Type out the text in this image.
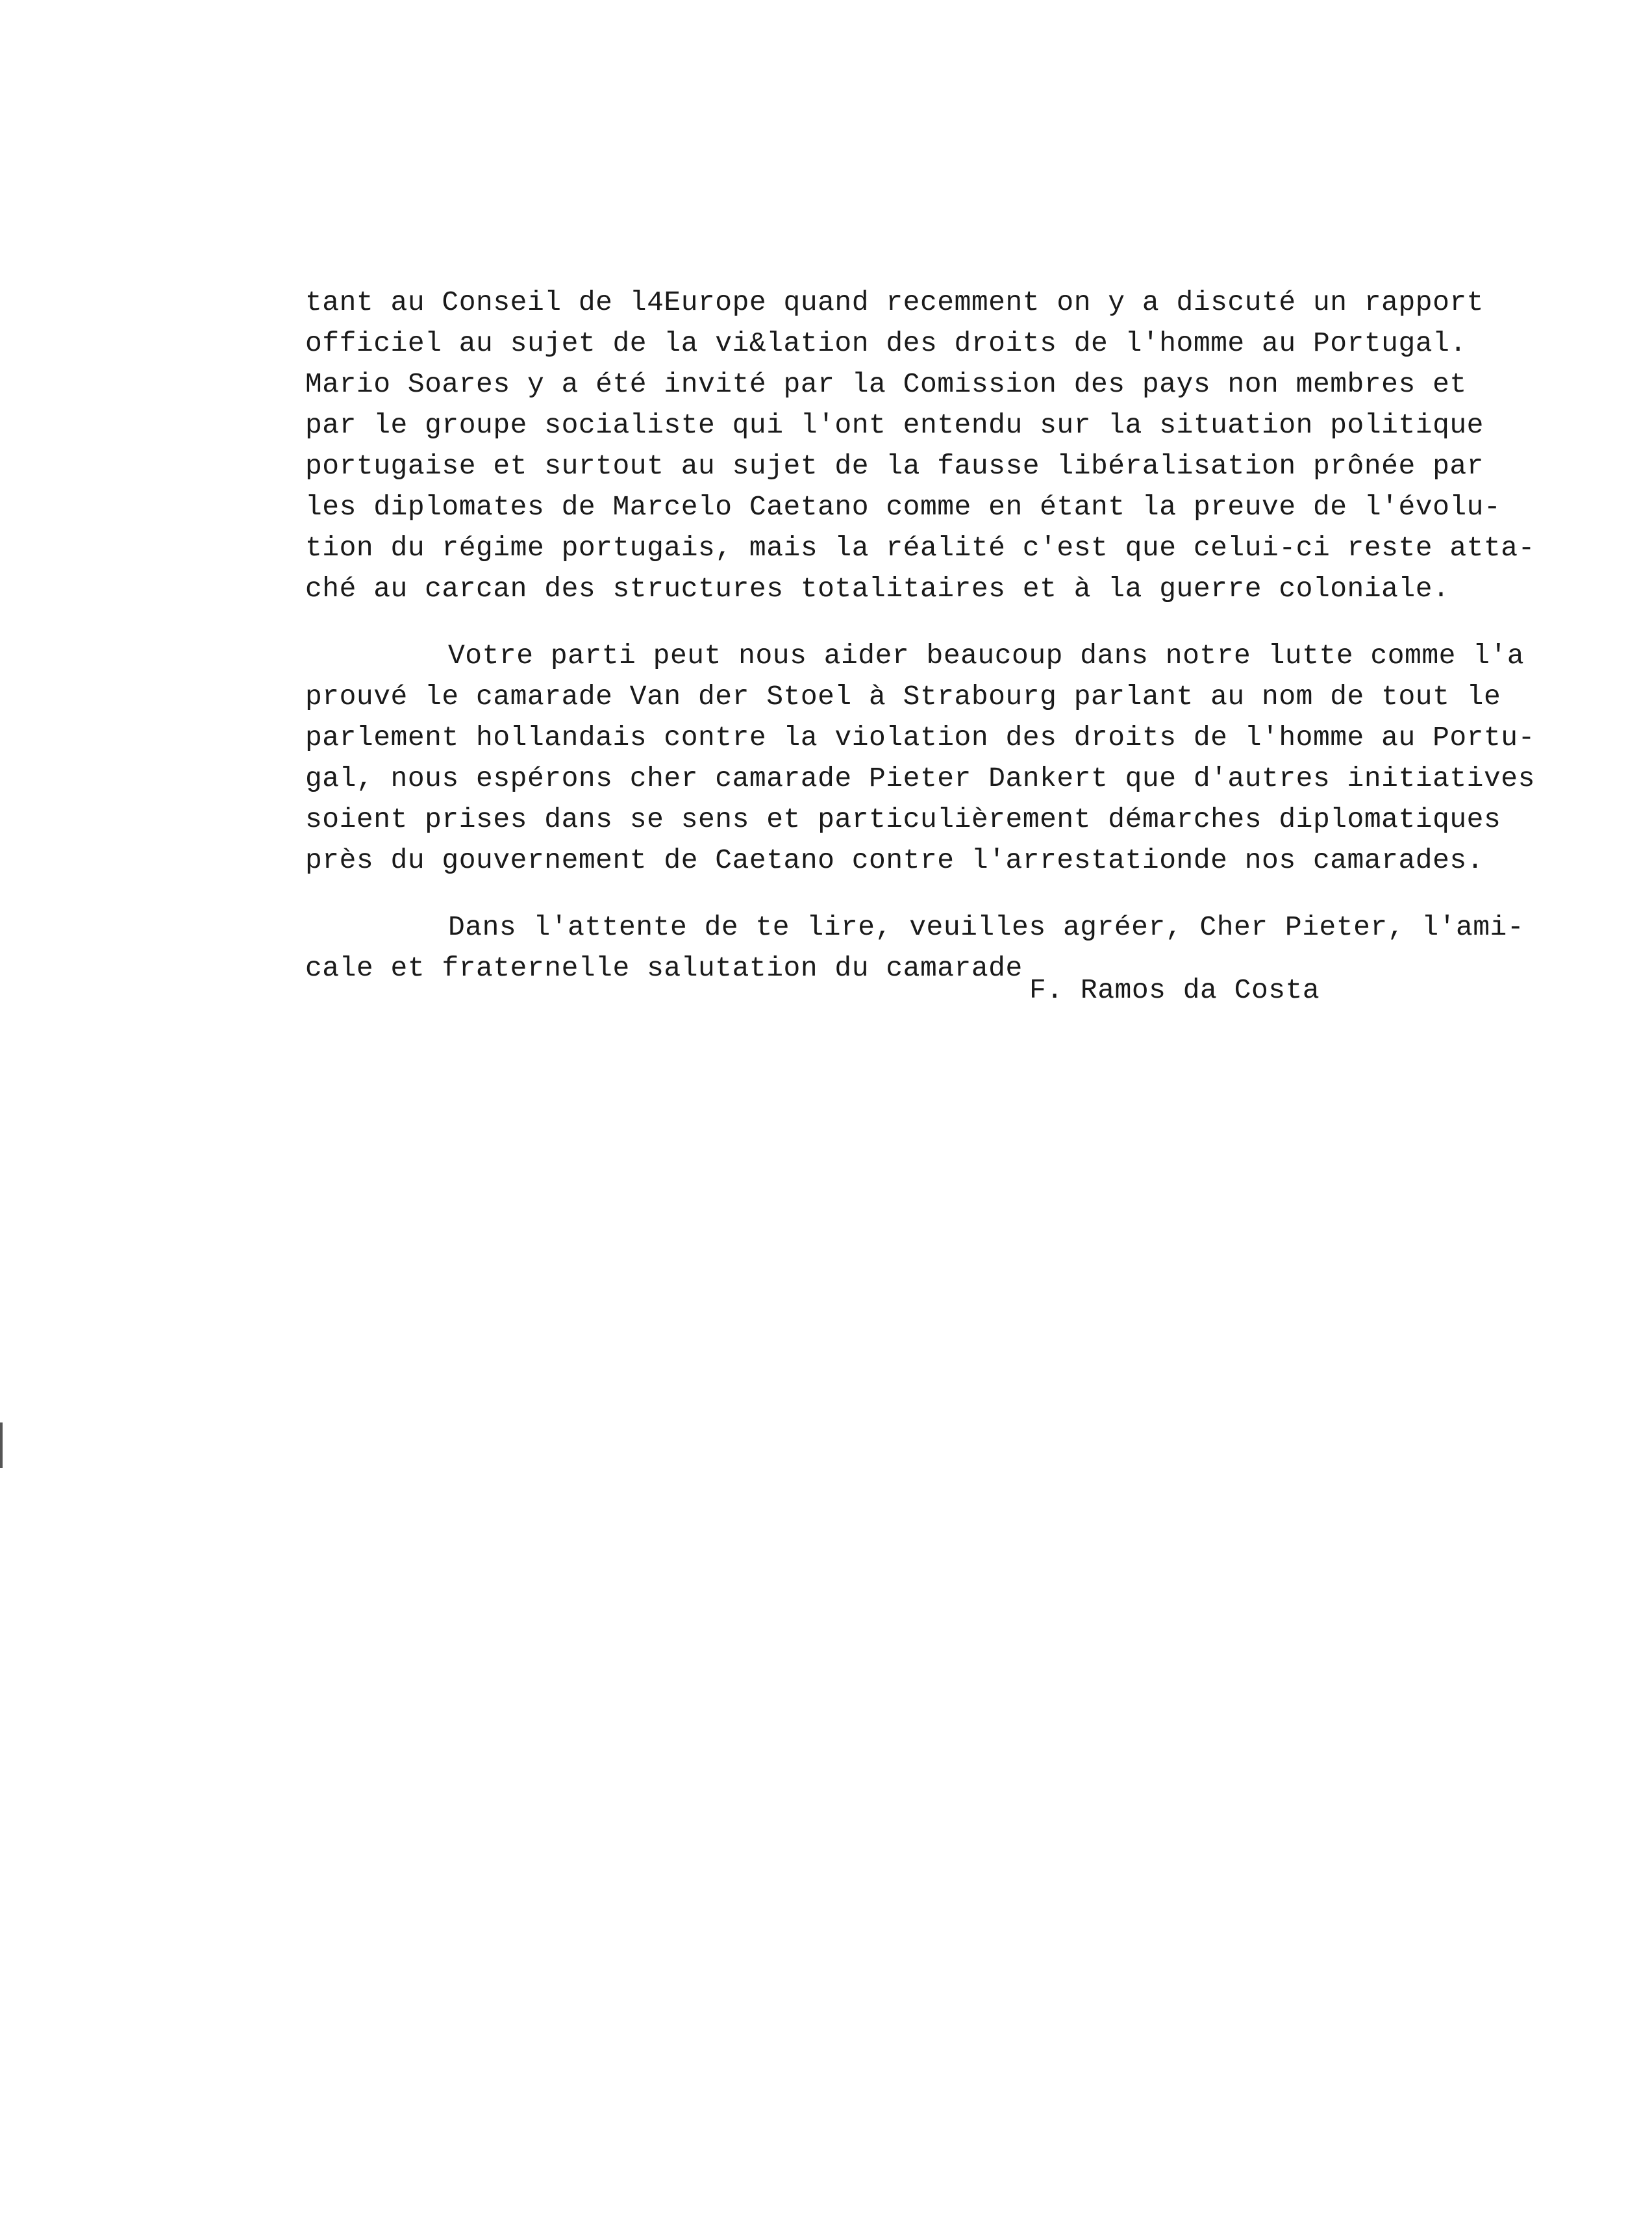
tant au Conseil de l4Europe quand recemment on y a discuté un rapport
officiel au sujet de la vi&lation des droits de l'homme au Portugal.
Mario Soares y a été invité par la Comission des pays non membres et
par le groupe socialiste qui l'ont entendu sur la situation politique
portugaise et surtout au sujet de la fausse libéralisation prônée par
les diplomates de Marcelo Caetano comme en étant la preuve de l'évolu-
tion du régime portugais, mais la réalité c'est que celui-ci reste atta-
ché au carcan des structures totalitaires et à la guerre coloniale.
Votre parti peut nous aider beaucoup dans notre lutte comme l'a
prouvé le camarade Van der Stoel à Strabourg parlant au nom de tout le
parlement hollandais contre la violation des droits de l'homme au Portu-
gal, nous espérons cher camarade Pieter Dankert que d'autres initiatives
soient prises dans se sens et particulièrement démarches diplomatiques
près du gouvernement de Caetano contre l'arrestationde nos camarades.
Dans l'attente de te lire, veuilles agréer, Cher Pieter, l'ami-
cale et fraternelle salutation du camarade
F. Ramos da Costa
